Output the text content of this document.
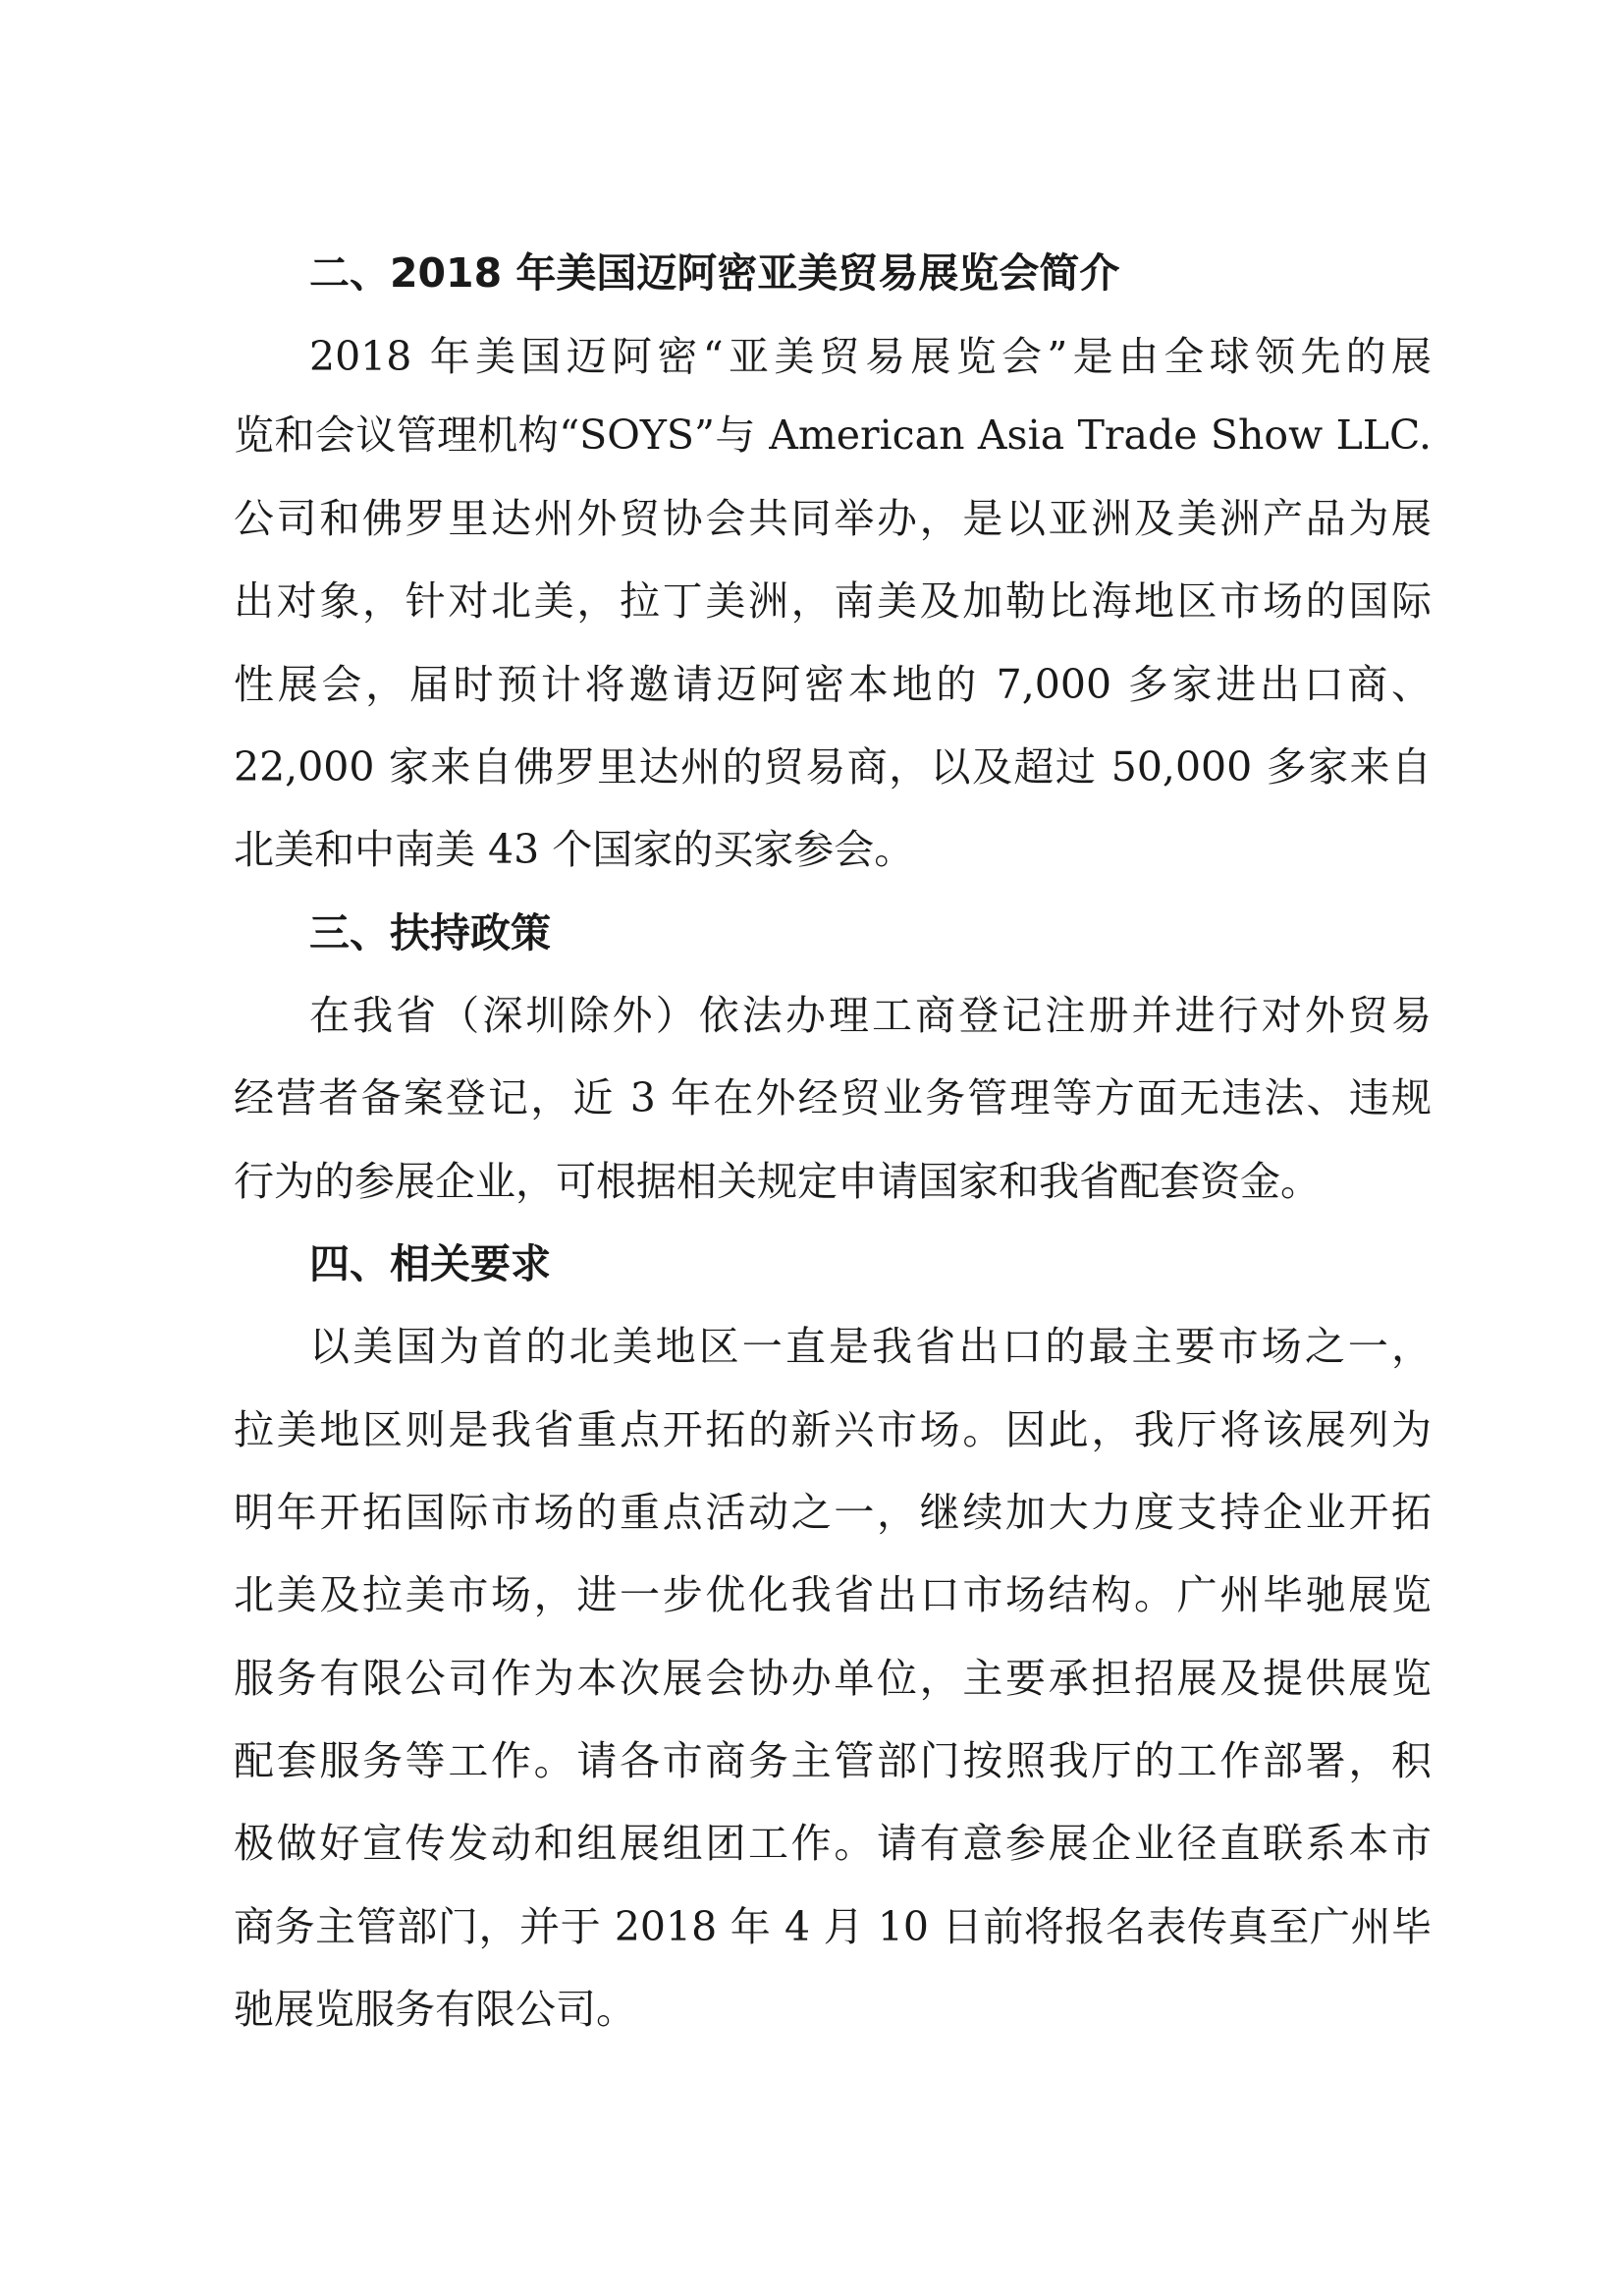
二、2018 年美国迈阿密亚美贸易展览会简介
2018 年美国迈阿密“亚美贸易展览会”是由全球领先的展
览和会议管理机构“SOYS”与 American Asia Trade Show LLC.
公司和佛罗里达州外贸协会共同举办，是以亚洲及美洲产品为展
出对象，针对北美，拉丁美洲，南美及加勒比海地区市场的国际
性展会，届时预计将邀请迈阿密本地的 7,000 多家进出口商、
22,000 家来自佛罗里达州的贸易商，以及超过 50,000 多家来自
北美和中南美 43 个国家的买家参会。
三、扶持政策
在我省（深圳除外）依法办理工商登记注册并进行对外贸易
经营者备案登记，近 3 年在外经贸业务管理等方面无违法、违规
行为的参展企业，可根据相关规定申请国家和我省配套资金。
四、相关要求
以美国为首的北美地区一直是我省出口的最主要市场之一，
拉美地区则是我省重点开拓的新兴市场。因此，我厅将该展列为
明年开拓国际市场的重点活动之一，继续加大力度支持企业开拓
北美及拉美市场，进一步优化我省出口市场结构。广州毕驰展览
服务有限公司作为本次展会协办单位，主要承担招展及提供展览
配套服务等工作。请各市商务主管部门按照我厅的工作部署，积
极做好宣传发动和组展组团工作。请有意参展企业径直联系本市
商务主管部门，并于 2018 年 4 月 10 日前将报名表传真至广州毕
驰展览服务有限公司。
